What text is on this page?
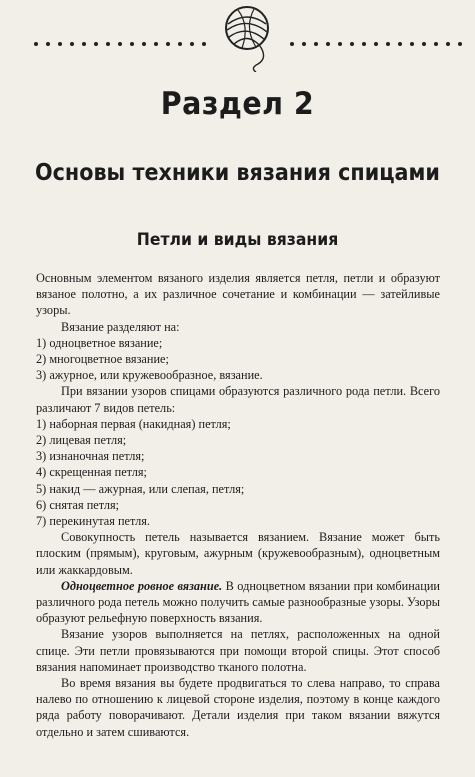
Раздел 2
Основы техники вязания спицами
Петли и виды вязания

Основным элементом вязаного изделия является петля, петли и образуют вязаное полотно, а их различное сочетание и комбинации — затейливые узоры.

Вязание разделяют на:

1) одноцветное вязание;
2) многоцветное вязание;
3) ажурное, или кружевообразное, вязание.

При вязании узоров спицами образуются различного рода петли. Всего различают 7 видов петель:

1) наборная первая (накидная) петля;
2) лицевая петля;
3) изнаночная петля;
4) скрещенная петля;
5) накид — ажурная, или слепая, петля;
6) снятая петля;
7) перекинутая петля.

Совокупность петель называется вязанием. Вязание может быть плоским (прямым), круговым, ажурным (кружевообразным), одноцветным или жаккардовым.

Одноцветное ровное вязание. В одноцветном вязании при комбинации различного рода петель можно получить самые разнообразные узоры. Узоры образуют рельефную поверхность вязания.

Вязание узоров выполняется на петлях, расположенных на одной спице. Эти петли провязываются при помощи второй спицы. Этот способ вязания напоминает производство тканого полотна.

Во время вязания вы будете продвигаться то слева направо, то справа налево по отношению к лицевой стороне изделия, поэтому в конце каждого ряда работу поворачивают. Детали изделия при таком вязании вяжутся отдельно и затем сшиваются.
